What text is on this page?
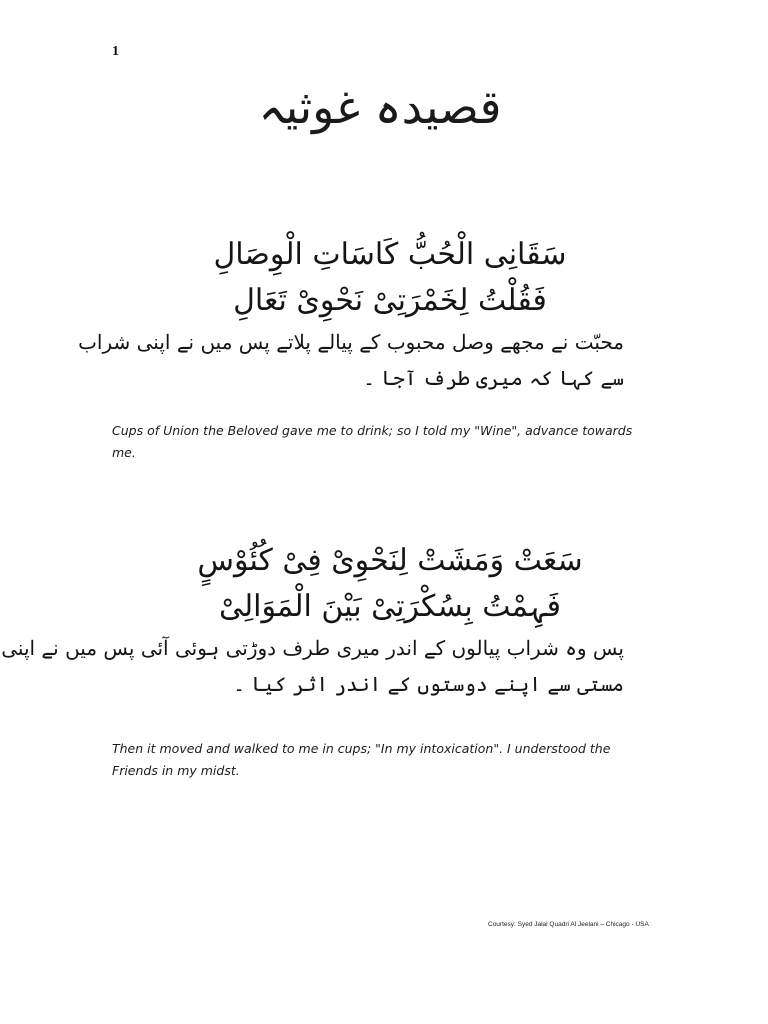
1
قصیدہ غوثیہ
سَقَانِی الْحُبُّ کَاسَاتِ الْوِصَالِ
فَقُلْتُ لِخَمْرَتِیْ نَحْوِیْ تَعَالِ
محبّت نے مجھے وصل محبوب کے پیالے پلاتے پس میں نے اپنی شراب
سے کہا کہ میری طرف آجا ۔
Cups of Union the Beloved gave me to drink; so I told my "Wine", advance towards me.
سَعَتْ وَمَشَتْ لِنَحْوِیْ فِیْ کُئُوْسٍ
فَہِمْتُ بِسُکْرَتِیْ بَیْنَ الْمَوَالِیْ
پس وہ شراب پیالوں کے اندر میری طرف دوڑتی ہوئی آئی پس میں نے اپنی
مستی سے اپنے دوستوں کے اندر اثر کیا ۔
Then it moved and walked to me in cups; "In my intoxication". I understood the Friends in my midst.
Courtesy: Syed Jalal Quadri Al Jeelani – Chicago - USA
